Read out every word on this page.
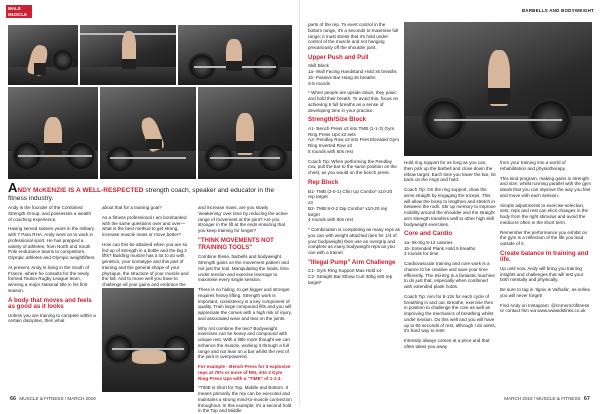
MALE MUSCLE
ANDY McKENZIE IS A WELL-RESPECTED strength coach, speaker and educator in the fitness industry.

Andy is the founder of the Combined Strength Group, and possesses a wealth of coaching experience.

Having served sixteen years in the military with 7 Para RHA, Andy went on to work in professional sport. He has prepped a variety of athletes, from North and South Pole endurance teams to competitors, Olympic athletes and Olympic weightlifters.

At present, Andy is living in the South of France, where he consults for the newly formed Toulon Rugby League team, winning a major National title in his first season.

A body that moves and feels as good as it looks

Unless you are training to compete within a certain discipline, then what

about that for a training goal?

As a fitness professional I am bombarded with the same questions over and over—what is the best method to get strong, increase muscle mass or move better?

How can this be attained when you are so fed up of strength in a bottle and the big 3 lifts? Building muscle has a lot to do with genetics, your somatype and this part of training and the general shape of your physique, the structure of your muscle and the fall. And to move well you have to challenge all your gains and embrace the

and increase mass, are you slowly 'weakening' over time by reducing the active range of movement at the joint? Are you stronger in the lift at the ends ensuring that you keep training for longer?

"THINK MOVEMENTS NOT TRAINING TOOLS"

Combine these, barbells and bodyweight. Strength gains on the movement pattern and not just the tool. Manipulating the loads, time under tension and exercise leverage to maximise every single session.

There is no hiding, to get bigger and stronger requires heavy lifting. Strength work is important, consistency is a key component of quality. Train large compound lifts and you will appreciate the comes with a high risk of injury, and associated wear and tear on the joints.

Why not combine the two? Bodyweight exercises can be heavy and compound with unique rest. With a little more thought we can enhance the muscle, working it through a full range and not lean on a bar whilst the rest of the joint is overpowered.

For example - Bench Press for 3 explosive reps at 75% or more of RM, into 3 Gym Ring Press Ups with a "TIME" of 1-1-3.

*TIME is short for Top, Middle and Bottom. It means primarily the rep can be executed and maintains a strong mind-to-muscle connection throughout. In this example, it's a second hold in the Top and Middle

66 MUSCLE & FITNESS / MARCH 2019
BARBELLS AND BODYWEIGHT

parts of the rep. To exert control in the bottom range, it's a seconds to maximise full range; it must stress that it's hold under control of the muscle and not hanging precariously off the shoulder joint.

Upper Push and Pull

Skill Block
1a- Wall Facing Handstand Hold x5 breaths
1b- Passive Bar Hang x5 breaths
3-5 rounds

* When people are upside down, they panic and hold their breath. To avoid this, focus on achieving 5 full breaths as a sense of developing time in your practice.

Strength/Size Block

A1- Bench Press x3 into TMB (1-1-3) Gym Ring Press Ups x3 sets
A2- Pendlay Row x3 into Feet Elevated Gym Ring Inverted Row x3
5 rounds with 60s rest

Coach Tip: When performing the Pendlay row, pull the bar to the same position on the chest, as you would on the bench press.

Rep Block

B1- TMB (2-0-1) Chin Up Combo* x10-20 rep target
x3
B2- TMB 8-0-2 Dip Combo* x10-20 rep target
4 rounds with 60s rest

* Combination is completing as many reps as you can with weight attached (aim for 1/4 of your bodyweight) then use an overgrip and complete as many bodyweight reps as you can with a trainer.

"Illegal Pump" Arm Challenge

C1- Gym Ring Support Max Hold x4
C2- Straight Bar Elbow Curl 40kg x60 rep target*

Hold ring support for as long as you can, then pick up the barbell and close down the elbow target. Each time you lower the bar, hit back on the rings and hold.

Coach Tip: On the ring support, draw the arms straight by engaging the triceps. This will allow the bicep to lengthen and stretch in between the rods. Stir up memory to improve mobility around the shoulder and the straight arm strength transfers well to other high skill bodyweight exercises.

Core and Cardio

1a- 5k-Slg 8-12 calories
1b- Extended Plank Hold 5 breaths
3 rounds for time

Cardiovascular training and core work is a chance to be creative and save your time efficiently. The Ski-Erg is a fantastic machine to do just that, especially when combined with extended plank holds.

Coach Tip: Aim for 8-12s for each cycle of breathing in and out. Breathe, exercise then in position to challenge the core as well as improving the mechanics of breathing whilst under tension. Do this well and you will have up to 60 seconds of rest, although I do admit, it's hard way to rest!

Intensity always comes at a price and that often takes you away

from your training into a world of rehabilitation and physiotherapy.

This kind program, making gains in strength and size, whilst running parallel with the gym ideals that you can improve the way you feel and move with each session.

Simple adjustments to exercise selection, sets, reps and rest can elicit changes in the body from the right stimulus and avoid the mediocre often in the short term.

Remember the performance you exhibit on the gym is a reflection of the life you lead outside of it.

Create balance in training and life.

Up until now, Andy will bring you training insights and challenges that will test your both mentally and physically.

Be sure to tag in 'Ilgniv is Valhalla', as online you will never forget!

Find Andy on Instagram: @cnrnomchfitness or contact him via www.wwwidslinks.co.uk

MARCH 2019 / MUSCLE & FITNESS 67
